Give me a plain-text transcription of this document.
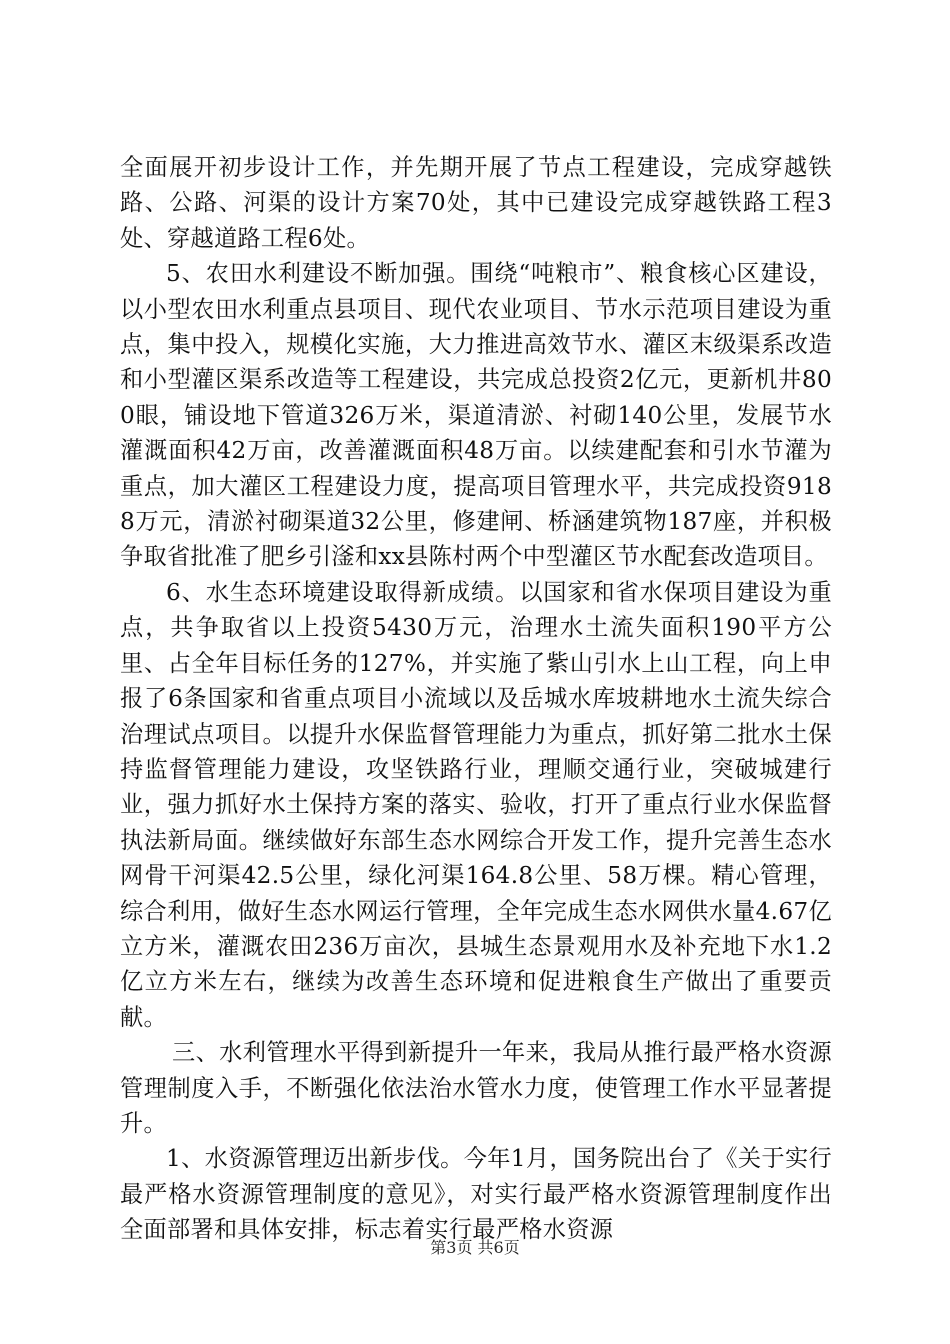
全面展开初步设计工作，并先期开展了节点工程建设，完成穿越铁路、公路、河渠的设计方案70处，其中已建设完成穿越铁路工程3处、穿越道路工程6处。

5、农田水利建设不断加强。围绕“吨粮市”、粮食核心区建设，以小型农田水利重点县项目、现代农业项目、节水示范项目建设为重点，集中投入，规模化实施，大力推进高效节水、灌区末级渠系改造和小型灌区渠系改造等工程建设，共完成总投资2亿元，更新机井800眼，铺设地下管道326万米，渠道清淤、衬砌140公里，发展节水灌溉面积42万亩，改善灌溉面积48万亩。以续建配套和引水节灌为重点，加大灌区工程建设力度，提高项目管理水平，共完成投资9188万元，清淤衬砌渠道32公里，修建闸、桥涵建筑物187座，并积极争取省批准了肥乡引滏和xx县陈村两个中型灌区节水配套改造项目。

6、水生态环境建设取得新成绩。以国家和省水保项目建设为重点，共争取省以上投资5430万元，治理水土流失面积190平方公里、占全年目标任务的127%，并实施了紫山引水上山工程，向上申报了6条国家和省重点项目小流域以及岳城水库坡耕地水土流失综合治理试点项目。以提升水保监督管理能力为重点，抓好第二批水土保持监督管理能力建设，攻坚铁路行业，理顺交通行业，突破城建行业，强力抓好水土保持方案的落实、验收，打开了重点行业水保监督执法新局面。继续做好东部生态水网综合开发工作，提升完善生态水网骨干河渠42.5公里，绿化河渠164.8公里、58万棵。精心管理，综合利用，做好生态水网运行管理，全年完成生态水网供水量4.67亿立方米，灌溉农田236万亩次，县城生态景观用水及补充地下水1.2亿立方米左右，继续为改善生态环境和促进粮食生产做出了重要贡献。

三、水利管理水平得到新提升一年来，我局从推行最严格水资源管理制度入手，不断强化依法治水管水力度，使管理工作水平显著提升。

1、水资源管理迈出新步伐。今年1月，国务院出台了《关于实行最严格水资源管理制度的意见》，对实行最严格水资源管理制度作出全面部署和具体安排，标志着实行最严格水资源

第3页 共6页
